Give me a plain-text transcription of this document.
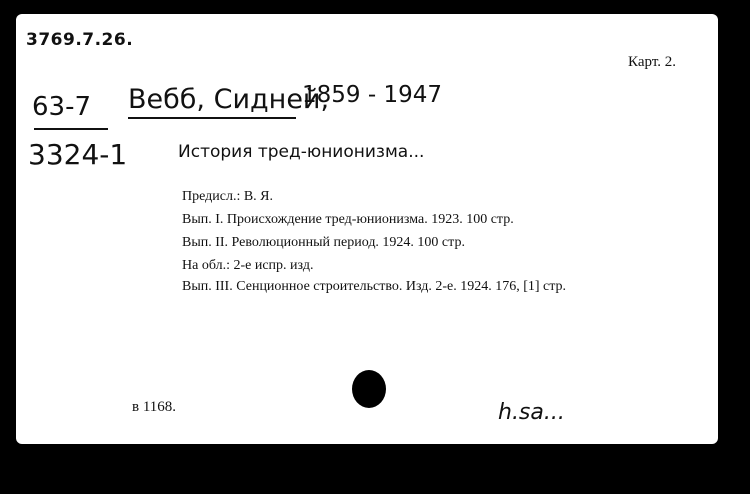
3769.7.26.
Карт. 2.
63-7
3324-1
Вебб, Сидней,
1859 - 1947
История тред-юнионизма...
Предисл.: В. Я.
Вып. I. Происхождение тред-юнионизма. 1923. 100 стр.
Вып. II. Революционный период. 1924. 100 стр.
На обл.: 2-е испр. изд.
Вып. III. Сенционное строительство. Изд. 2-е. 1924. 176, [1] стр.
в 1168.	h.sa...
